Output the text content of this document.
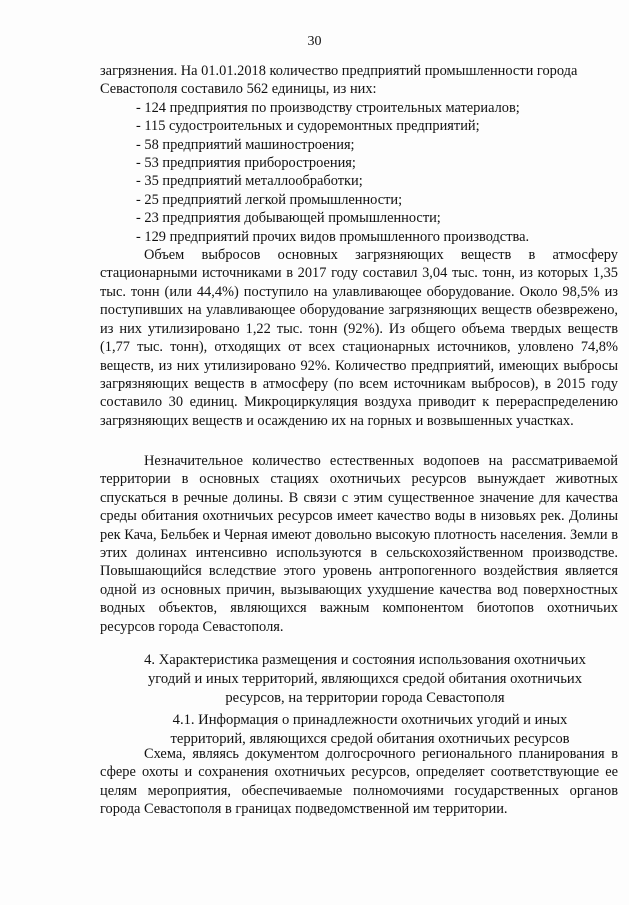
30

загрязнения. На 01.01.2018 количество предприятий промышленности города

Севастополя составило 562 единицы, из них:

- 124 предприятия по производству строительных материалов;
- 115 судостроительных и судоремонтных предприятий;
- 58 предприятий машиностроения;
- 53 предприятия приборостроения;
- 35 предприятий металлообработки;
- 25 предприятий легкой промышленности;
- 23 предприятия добывающей промышленности;
- 129 предприятий прочих видов промышленного производства.

Объем выбросов основных загрязняющих веществ в атмосферу стационарными источниками в 2017 году составил 3,04 тыс. тонн, из которых 1,35 тыс. тонн (или 44,4%) поступило на улавливающее оборудование. Около 98,5% из поступивших на улавливающее оборудование загрязняющих веществ обезврежено, из них утилизировано 1,22 тыс. тонн (92%). Из общего объема твердых веществ (1,77 тыс. тонн), отходящих от всех стационарных источников, уловлено 74,8% веществ, из них утилизировано 92%. Количество предприятий, имеющих выбросы загрязняющих веществ в атмосферу (по всем источникам выбросов), в 2015 году составило 30 единиц. Микроциркуляция воздуха приводит к перераспределению загрязняющих веществ и осаждению их на горных и возвышенных участках.

Незначительное количество естественных водопоев на рассматриваемой территории в основных стациях охотничьих ресурсов вынуждает животных спускаться в речные долины. В связи с этим существенное значение для качества среды обитания охотничьих ресурсов имеет качество воды в низовьях рек. Долины рек Кача, Бельбек и Черная имеют довольно высокую плотность населения. Земли в этих долинах интенсивно используются в сельскохозяйственном производстве. Повышающийся вследствие этого уровень антропогенного воздействия является одной из основных причин, вызывающих ухудшение качества вод поверхностных водных объектов, являющихся важным компонентом биотопов охотничьих ресурсов города Севастополя.

4. Характеристика размещения и состояния использования охотничьих угодий и иных территорий, являющихся средой обитания охотничьих ресурсов, на территории города Севастополя
4.1. Информация о принадлежности охотничьих угодий и иных территорий, являющихся средой обитания охотничьих ресурсов

Схема, являясь документом долгосрочного регионального планирования в сфере охоты и сохранения охотничьих ресурсов, определяет соответствующие ее целям мероприятия, обеспечиваемые полномочиями государственных органов города Севастополя в границах подведомственной им территории.
